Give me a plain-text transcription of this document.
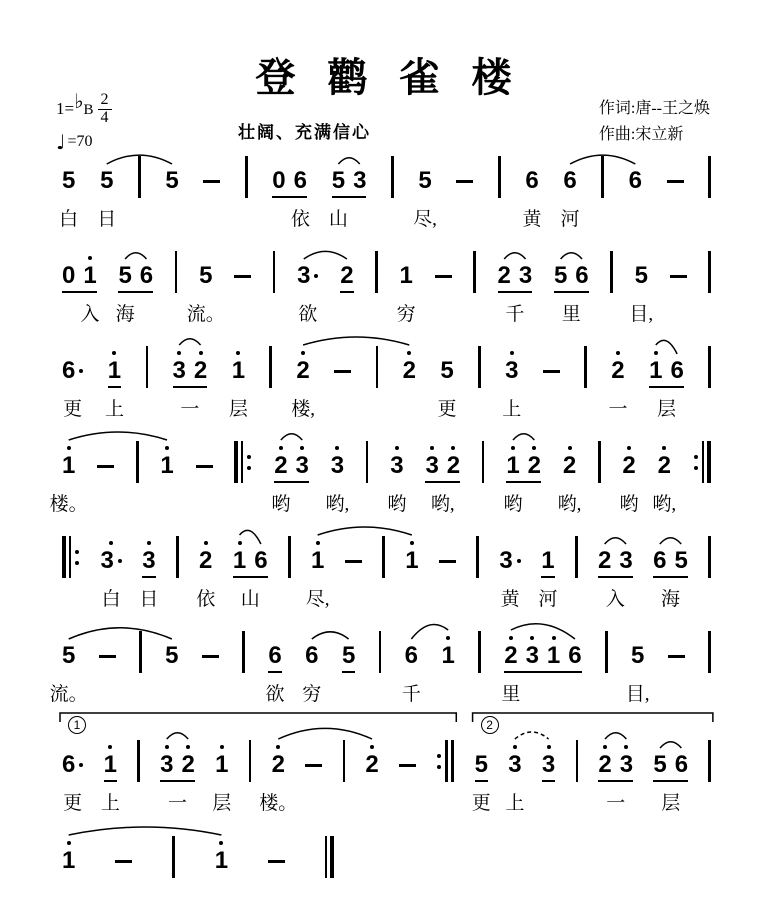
登鹳雀楼
作词:唐--王之焕
作曲:宋立新
1= ♭ B $\frac{2}{4}$
♩ =70	壮阔、充满信心
5 5 5	0 6 5 3 5	6 6 6
白 日	依 山	尽,	黄 河
0 1 5 6 5	3 2 1	2 3 5 6 5
入 海	流。	欲	穷	千 里	目,
6 1 3 2 1 2	2 5 3	2 1 6
更 上	一 层 楼,	更 上	一 层
1	1	2 3 3 3 3 2 1 2 2 2 2
楼。	哟 哟, 哟 哟,	哟 哟, 哟 哟,
3 3 2 1 6 1	1	3 1 2 3 6 5
白 日 依 山 尽,	黄 河	入 海
5	5	6 6 5 6 1 2 3 1 6 5
流。	欲 穷	千	里	目,
6 1 3 2 1 2	2	5 3 3 2 3 5 6
1	2
更 上	一 层 楼。	更 上	一 层
1	1
